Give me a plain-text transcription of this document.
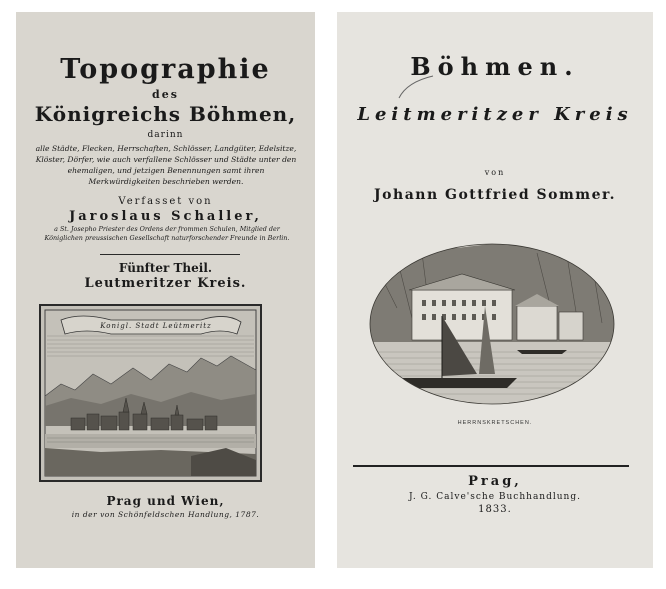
Topographie
des
Königreichs Böhmen,
darinn
alle Städte, Flecken, Herrschaften, Schlösser, Landgüter, Edelsitze, Klöster, Dörfer, wie auch verfallene Schlösser und Städte unter den ehemaligen, und jetzigen Benennungen samt ihren Merkwürdigkeiten beschrieben werden.
Verfasset von
Jaroslaus Schaller,
a St. Josepho Priester des Ordens der frommen Schulen, Mitglied der Königlichen preussischen Gesellschaft naturforschender Freunde in Berlin.
Fünfter Theil.
Leutmeritzer Kreis.
Konigl. Stadt Leütmeritz
Prag und Wien,
in der von Schönfeldschen Handlung, 1787.
Böhmen.
Leitmeritzer Kreis
von
Johann Gottfried Sommer.
HERRNSKRETSCHEN.
Prag,
J. G. Calve'sche Buchhandlung.
1833.
